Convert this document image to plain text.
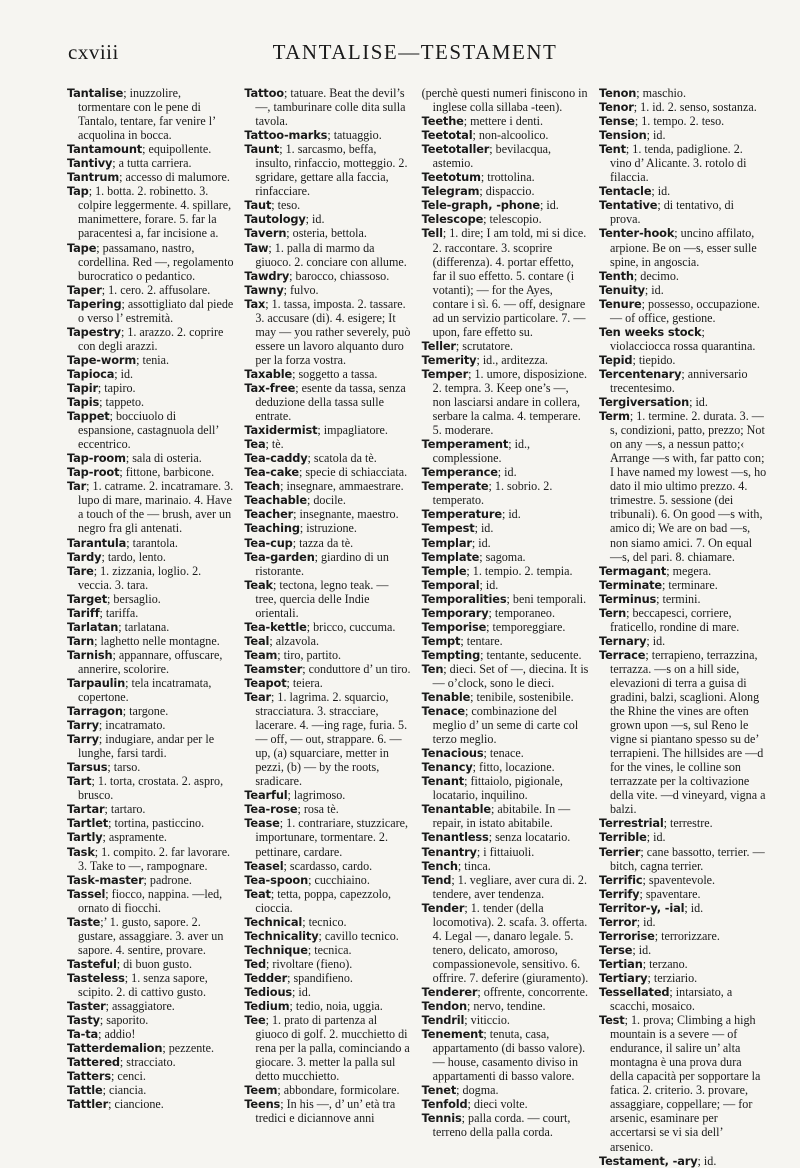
cxviii	TANTALISE—TESTAMENT

Tantalise; inuzzolire, tormentare con le pene di Tantalo, tentare, far venire l’ acquolina in bocca.

Tantamount; equipollente.

Tantivy; a tutta carriera.

Tantrum; accesso di malumore.

Tap; 1. botta. 2. robinetto. 3. colpire leggermente. 4. spillare, manimettere, forare. 5. far la paracentesi a, far incisione a.

Tape; passamano, nastro, cordellina. Red —, regolamento burocratico o pedantico.

Taper; 1. cero. 2. affusolare.

Tapering; assottigliato dal piede o verso l’ estremità.

Tapestry; 1. arazzo. 2. coprire con degli arazzi.

Tape-worm; tenia.

Tapioca; id.

Tapir; tapiro.

Tapis; tappeto.

Tappet; bocciuolo di espansione, castagnuola dell’ eccentrico.

Tap-room; sala di osteria.

Tap-root; fittone, barbicone.

Tar; 1. catrame. 2. incatramare. 3. lupo di mare, marinaio. 4. Have a touch of the — brush, aver un negro fra gli antenati.

Tarantula; tarantola.

Tardy; tardo, lento.

Tare; 1. zizzania, loglio. 2. veccia. 3. tara.

Target; bersaglio.

Tariff; tariffa.

Tarlatan; tarlatana.

Tarn; laghetto nelle montagne.

Tarnish; appannare, offuscare, annerire, scolorire.

Tarpaulin; tela incatramata, copertone.

Tarragon; targone.

Tarry; incatramato.

Tarry; indugiare, andar per le lunghe, farsi tardi.

Tarsus; tarso.

Tart; 1. torta, crostata. 2. aspro, brusco.

Tartar; tartaro.

Tartlet; tortina, pasticcino.

Tartly; aspramente.

Task; 1. compito. 2. far lavorare. 3. Take to —, rampognare.

Task-master; padrone.

Tassel; fiocco, nappina. —led, ornato di fiocchi.

Taste;’ 1. gusto, sapore. 2. gustare, assaggiare. 3. aver un sapore. 4. sentire, provare.

Tasteful; di buon gusto.

Tasteless; 1. senza sapore, scipito. 2. di cattivo gusto.

Taster; assaggiatore.

Tasty; saporito.

Ta-ta; addio!

Tatterdemalion; pezzente.

Tattered; stracciato.

Tatters; cenci.

Tattle; ciancia.

Tattler; ciancione.

Tattoo; tatuare. Beat the devil’s —, tamburinare colle dita sulla tavola.

Tattoo-marks; tatuaggio.

Taunt; 1. sarcasmo, beffa, insulto, rinfaccio, motteggio. 2. sgridare, gettare alla faccia, rinfacciare.

Taut; teso.

Tautology; id.

Tavern; osteria, bettola.

Taw; 1. palla di marmo da giuoco. 2. conciare con allume.

Tawdry; barocco, chiassoso.

Tawny; fulvo.

Tax; 1. tassa, imposta. 2. tassare. 3. accusare (di). 4. esigere; It may — you rather severely, può essere un lavoro alquanto duro per la forza vostra.

Taxable; soggetto a tassa.

Tax-free; esente da tassa, senza deduzione della tassa sulle entrate.

Taxidermist; impagliatore.

Tea; tè.

Tea-caddy; scatola da tè.

Tea-cake; specie di schiacciata.

Teach; insegnare, ammaestrare.

Teachable; docile.

Teacher; insegnante, maestro.

Teaching; istruzione.

Tea-cup; tazza da tè.

Tea-garden; giardino di un ristorante.

Teak; tectona, legno teak. — tree, quercia delle Indie orientali.

Tea-kettle; bricco, cuccuma.

Teal; alzavola.

Team; tiro, partito.

Teamster; conduttore d’ un tiro.

Teapot; teiera.

Tear; 1. lagrima. 2. squarcio, stracciatura. 3. stracciare, lacerare. 4. —ing rage, furia. 5. — off, — out, strappare. 6. — up, (a) squarciare, metter in pezzi, (b) — by the roots, sradicare.

Tearful; lagrimoso.

Tea-rose; rosa tè.

Tease; 1. contrariare, stuzzicare, importunare, tormentare. 2. pettinare, cardare.

Teasel; scardasso, cardo.

Tea-spoon; cucchiaino.

Teat; tetta, poppa, capezzolo, cioccia.

Technical; tecnico.

Technicality; cavillo tecnico.

Technique; tecnica.

Ted; rivoltare (fieno).

Tedder; spandifieno.

Tedious; id.

Tedium; tedio, noia, uggia.

Tee; 1. prato di partenza al giuoco di golf. 2. mucchietto di rena per la palla, cominciando a giocare. 3. metter la palla sul detto mucchietto.

Teem; abbondare, formicolare.

Teens; In his —, d’ un’ età tra tredici e diciannove anni

(perchè questi numeri finiscono in inglese colla sillaba -teen).

Teethe; mettere i denti.

Teetotal; non-alcoolico.

Teetotaller; bevilacqua, astemio.

Teetotum; trottolina.

Telegram; dispaccio.

Tele-graph, -phone; id.

Telescope; telescopio.

Tell; 1. dire; I am told, mi si dice. 2. raccontare. 3. scoprire (differenza). 4. portar effetto, far il suo effetto. 5. contare (i votanti); — for the Ayes, contare i sì. 6. — off, designare ad un servizio particolare. 7. — upon, fare effetto su.

Teller; scrutatore.

Temerity; id., arditezza.

Temper; 1. umore, disposizione. 2. tempra. 3. Keep one’s —, non lasciarsi andare in collera, serbare la calma. 4. temperare. 5. moderare.

Temperament; id., complessione.

Temperance; id.

Temperate; 1. sobrio. 2. temperato.

Temperature; id.

Tempest; id.

Templar; id.

Template; sagoma.

Temple; 1. tempio. 2. tempia.

Temporal; id.

Temporalities; beni temporali.

Temporary; temporaneo.

Temporise; temporeggiare.

Tempt; tentare.

Tempting; tentante, seducente.

Ten; dieci. Set of —, diecina. It is — o’clock, sono le dieci.

Tenable; tenibile, sostenibile.

Tenace; combinazione del meglio d’ un seme di carte col terzo meglio.

Tenacious; tenace.

Tenancy; fitto, locazione.

Tenant; fittaiolo, pigionale, locatario, inquilino.

Tenantable; abitabile. In — repair, in istato abitabile.

Tenantless; senza locatario.

Tenantry; i fittaiuoli.

Tench; tinca.

Tend; 1. vegliare, aver cura di. 2. tendere, aver tendenza.

Tender; 1. tender (della locomotiva). 2. scafa. 3. offerta. 4. Legal —, danaro legale. 5. tenero, delicato, amoroso, compassionevole, sensitivo. 6. offrire. 7. deferire (giuramento).

Tenderer; offrente, concorrente.

Tendon; nervo, tendine.

Tendril; viticcio.

Tenement; tenuta, casa, appartamento (di basso valore). — house, casamento diviso in appartamenti di basso valore.

Tenet; dogma.

Tenfold; dieci volte.

Tennis; palla corda. — court, terreno della palla corda.

Tenon; maschio.

Tenor; 1. id. 2. senso, sostanza.

Tense; 1. tempo. 2. teso.

Tension; id.

Tent; 1. tenda, padiglione. 2. vino d’ Alicante. 3. rotolo di filaccia.

Tentacle; id.

Tentative; di tentativo, di prova.

Tenter-hook; uncino affilato, arpione. Be on —s, esser sulle spine, in angoscia.

Tenth; decimo.

Tenuity; id.

Tenure; possesso, occupazione. — of office, gestione.

Ten weeks stock; violacciocca rossa quarantina.

Tepid; tiepido.

Tercentenary; anniversario trecentesimo.

Tergiversation; id.

Term; 1. termine. 2. durata. 3. —s, condizioni, patto, prezzo; Not on any —s, a nessun patto;‹ Arrange —s with, far patto con; I have named my lowest —s, ho dato il mio ultimo prezzo. 4. trimestre. 5. sessione (dei tribunali). 6. On good —s with, amico di; We are on bad —s, non siamo amici. 7. On equal —s, del pari. 8. chiamare.

Termagant; megera.

Terminate; terminare.

Terminus; termini.

Tern; beccapesci, corriere, fraticello, rondine di mare.

Ternary; id.

Terrace; terrapieno, terrazzina, terrazza. —s on a hill side, elevazioni di terra a guisa di gradini, balzi, scaglioni. Along the Rhine the vines are often grown upon —s, sul Reno le vigne si piantano spesso su de’ terrapieni. The hillsides are —d for the vines, le colline son terrazzate per la coltivazione della vite. —d vineyard, vigna a balzi.

Terrestrial; terrestre.

Terrible; id.

Terrier; cane bassotto, terrier. — bitch, cagna terrier.

Terrific; spaventevole.

Terrify; spaventare.

Territor-y, -ial; id.

Terror; id.

Terrorise; terrorizzare.

Terse; id.

Tertian; terzano.

Tertiary; terziario.

Tessellated; intarsiato, a scacchi, mosaico.

Test; 1. prova; Climbing a high mountain is a severe — of endurance, il salire un’ alta montagna è una prova dura della capacità per sopportare la fatica. 2. criterio. 3. provare, assaggiare, coppellare; — for arsenic, esaminare per accertarsi se vi sia dell’ arsenico.

Testament, -ary; id.
